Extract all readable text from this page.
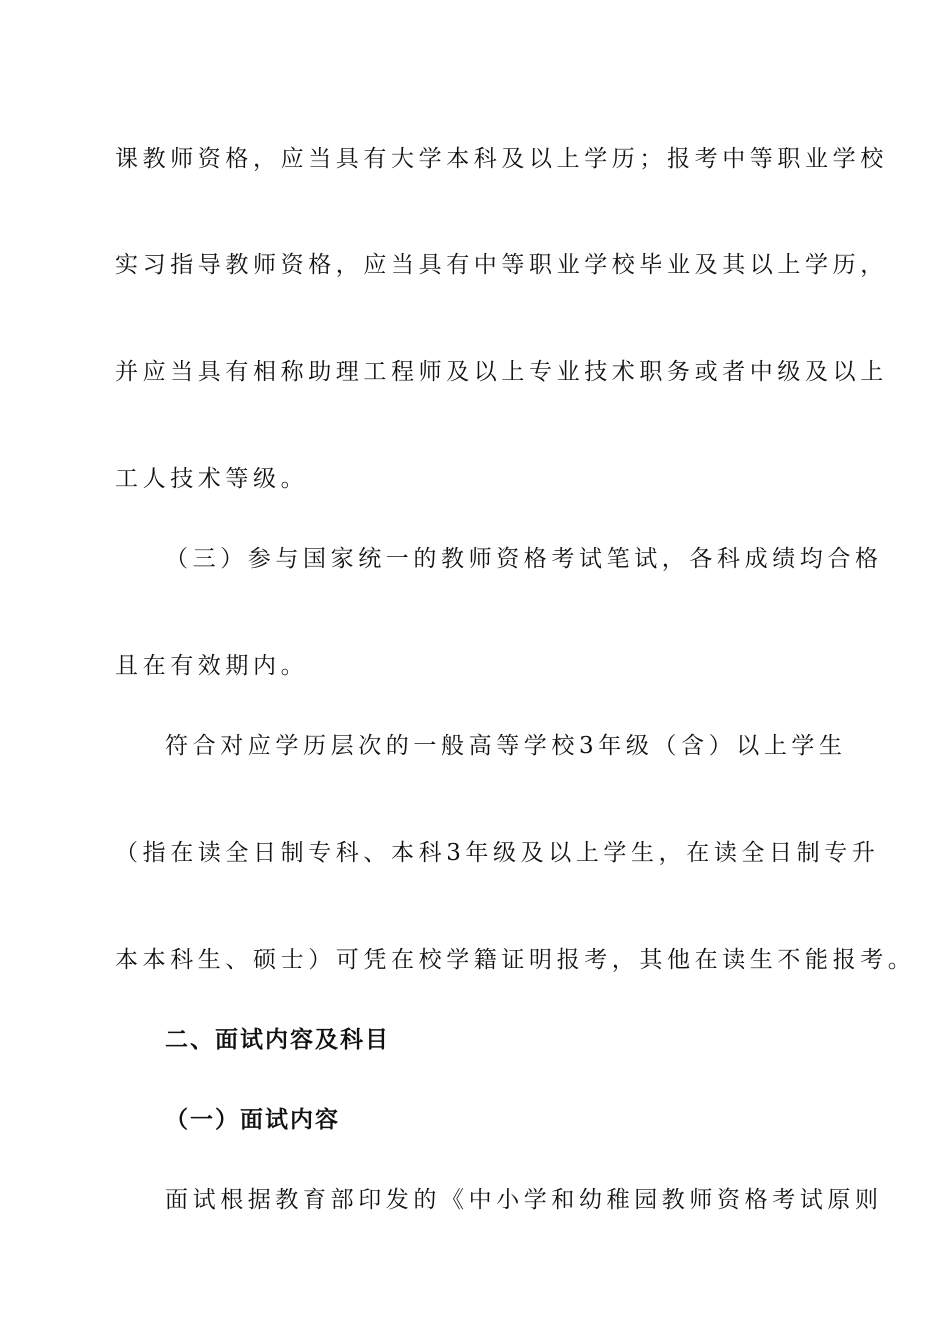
课教师资格，应当具有大学本科及以上学历；报考中等职业学校
实习指导教师资格，应当具有中等职业学校毕业及其以上学历，
并应当具有相称助理工程师及以上专业技术职务或者中级及以上
工人技术等级。
（三）参与国家统一的教师资格考试笔试，各科成绩均合格
且在有效期内。
符合对应学历层次的一般高等学校3年级（含）以上学生
（指在读全日制专科、本科3年级及以上学生，在读全日制专升
本本科生、硕士）可凭在校学籍证明报考，其他在读生不能报考。
二、面试内容及科目
（一）面试内容
面试根据教育部印发的《中小学和幼稚园教师资格考试原则
